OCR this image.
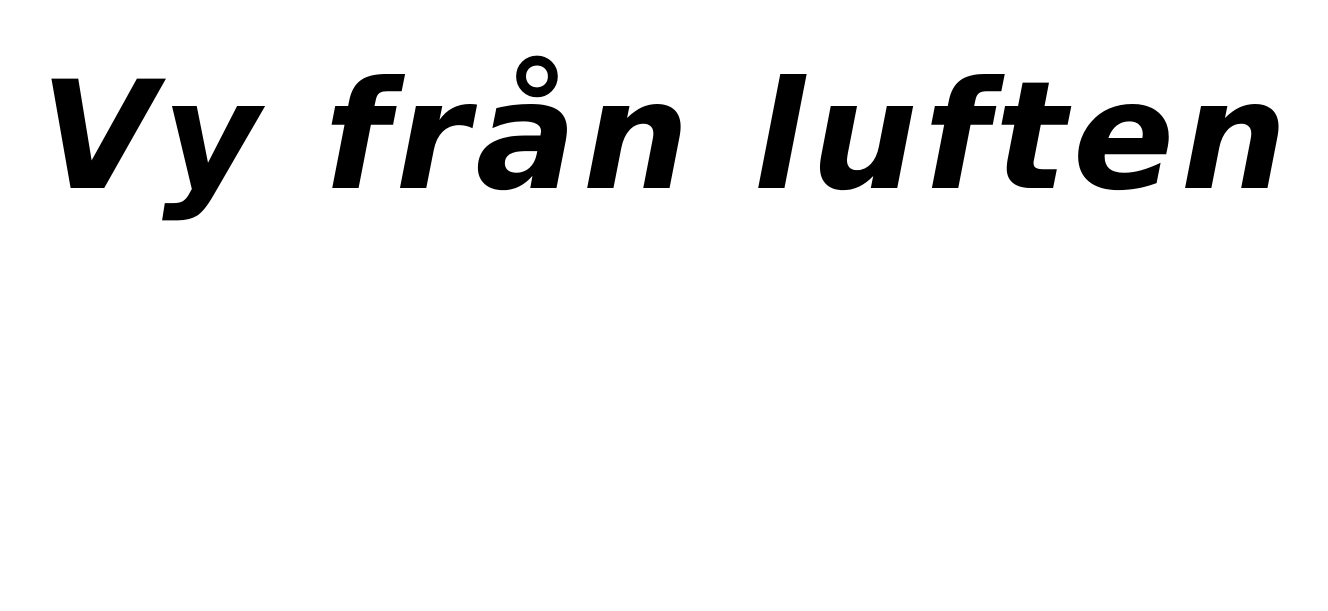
Vy från luften
